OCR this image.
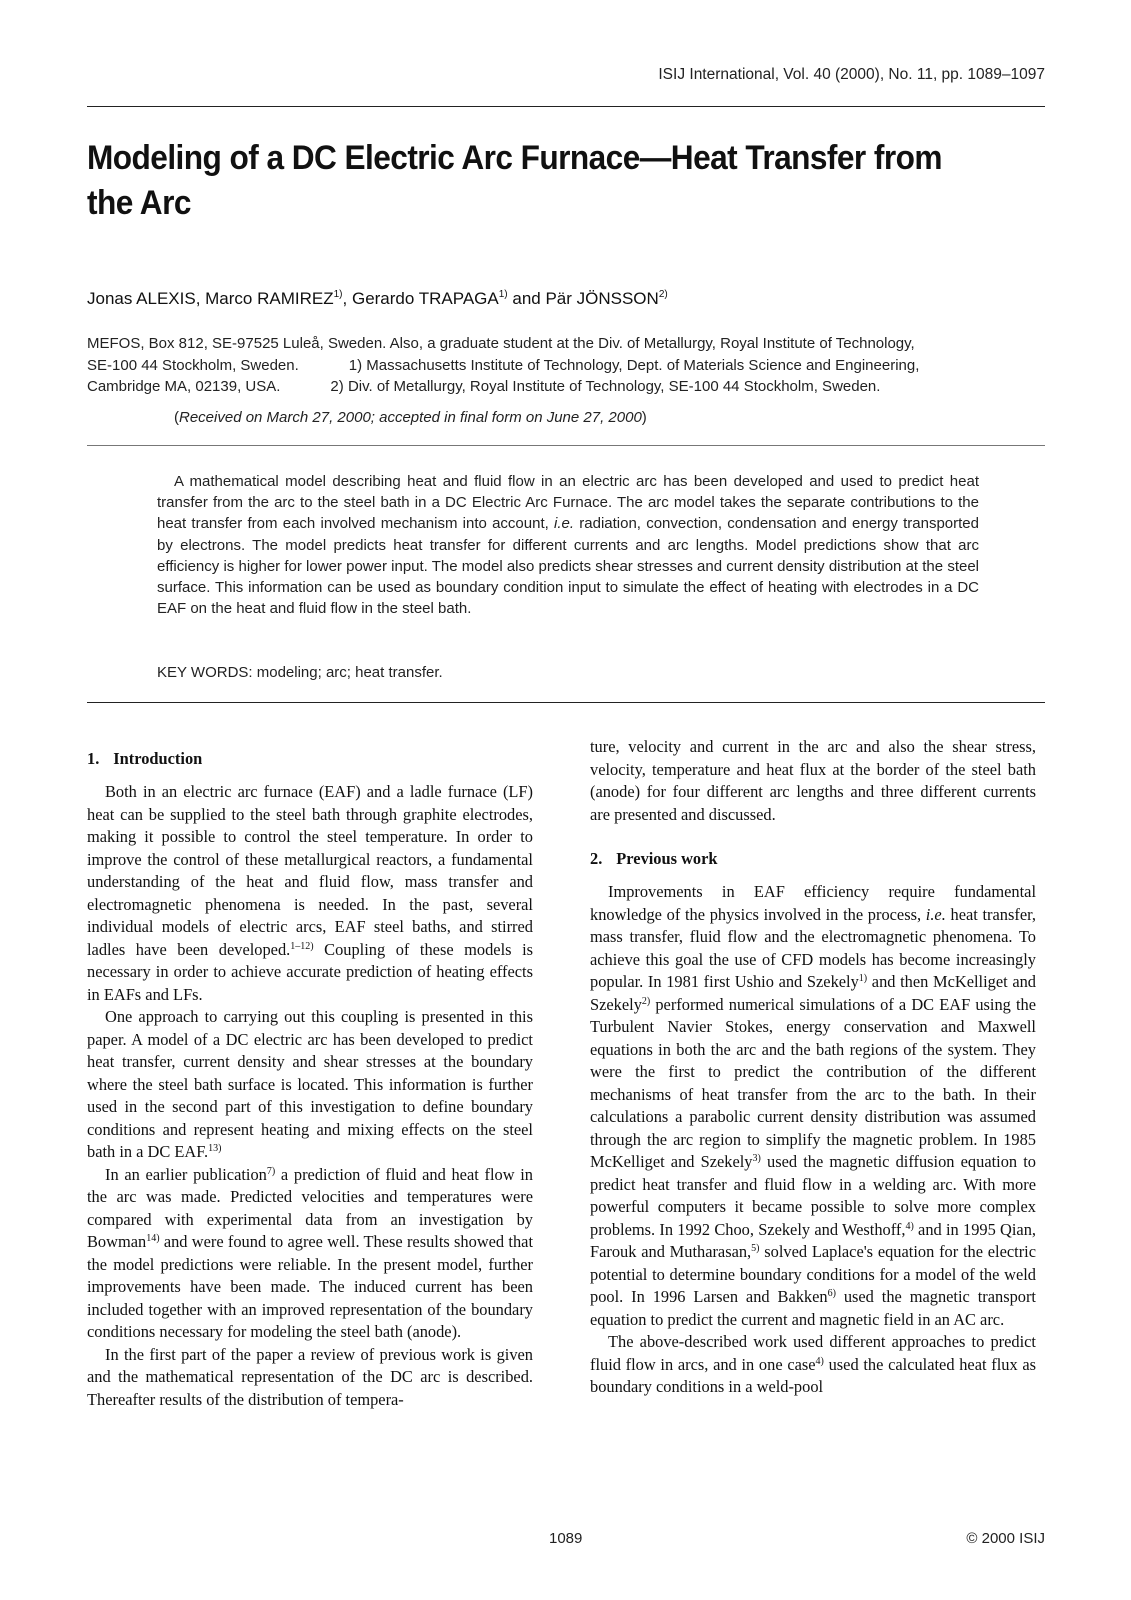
ISIJ International, Vol. 40 (2000), No. 11, pp. 1089–1097
Modeling of a DC Electric Arc Furnace—Heat Transfer from the Arc
Jonas ALEXIS, Marco RAMIREZ$^{1)}$, Gerardo TRAPAGA$^{1)}$ and Pär JÖNSSON$^{2)}$
MEFOS, Box 812, SE-97525 Luleå, Sweden. Also, a graduate student at the Div. of Metallurgy, Royal Institute of Technology,
SE-100 44 Stockholm, Sweden.            1) Massachusetts Institute of Technology, Dept. of Materials Science and Engineering,
Cambridge MA, 02139, USA.            2) Div. of Metallurgy, Royal Institute of Technology, SE-100 44 Stockholm, Sweden.
(Received on March 27, 2000; accepted in final form on June 27, 2000)

A mathematical model describing heat and fluid flow in an electric arc has been developed and used to predict heat transfer from the arc to the steel bath in a DC Electric Arc Furnace. The arc model takes the separate contributions to the heat transfer from each involved mechanism into account, i.e. radiation, convection, condensation and energy transported by electrons. The model predicts heat transfer for different currents and arc lengths. Model predictions show that arc efficiency is higher for lower power input. The model also predicts shear stresses and current density distribution at the steel surface. This information can be used as boundary condition input to simulate the effect of heating with electrodes in a DC EAF on the heat and fluid flow in the steel bath.

KEY WORDS: modeling; arc; heat transfer.
1. Introduction

Both in an electric arc furnace (EAF) and a ladle furnace (LF) heat can be supplied to the steel bath through graphite electrodes, making it possible to control the steel temperature. In order to improve the control of these metallurgical reactors, a fundamental understanding of the heat and fluid flow, mass transfer and electromagnetic phenomena is needed. In the past, several individual models of electric arcs, EAF steel baths, and stirred ladles have been developed.$^{1-12)}$ Coupling of these models is necessary in order to achieve accurate prediction of heating effects in EAFs and LFs.

One approach to carrying out this coupling is presented in this paper. A model of a DC electric arc has been developed to predict heat transfer, current density and shear stresses at the boundary where the steel bath surface is located. This information is further used in the second part of this investigation to define boundary conditions and represent heating and mixing effects on the steel bath in a DC EAF.$^{13)}$

In an earlier publication$^{7)}$ a prediction of fluid and heat flow in the arc was made. Predicted velocities and temperatures were compared with experimental data from an investigation by Bowman$^{14)}$ and were found to agree well. These results showed that the model predictions were reliable. In the present model, further improvements have been made. The induced current has been included together with an improved representation of the boundary conditions necessary for modeling the steel bath (anode).

In the first part of the paper a review of previous work is given and the mathematical representation of the DC arc is described. Thereafter results of the distribution of tempera-

ture, velocity and current in the arc and also the shear stress, velocity, temperature and heat flux at the border of the steel bath (anode) for four different arc lengths and three different currents are presented and discussed.

2. Previous work

Improvements in EAF efficiency require fundamental knowledge of the physics involved in the process, i.e. heat transfer, mass transfer, fluid flow and the electromagnetic phenomena. To achieve this goal the use of CFD models has become increasingly popular. In 1981 first Ushio and Szekely$^{1)}$ and then McKelliget and Szekely$^{2)}$ performed numerical simulations of a DC EAF using the Turbulent Navier Stokes, energy conservation and Maxwell equations in both the arc and the bath regions of the system. They were the first to predict the contribution of the different mechanisms of heat transfer from the arc to the bath. In their calculations a parabolic current density distribution was assumed through the arc region to simplify the magnetic problem. In 1985 McKelliget and Szekely$^{3)}$ used the magnetic diffusion equation to predict heat transfer and fluid flow in a welding arc. With more powerful computers it became possible to solve more complex problems. In 1992 Choo, Szekely and Westhoff,$^{4)}$ and in 1995 Qian, Farouk and Mutharasan,$^{5)}$ solved Laplace's equation for the electric potential to determine boundary conditions for a model of the weld pool. In 1996 Larsen and Bakken$^{6)}$ used the magnetic transport equation to predict the current and magnetic field in an AC arc.

The above-described work used different approaches to predict fluid flow in arcs, and in one case$^{4)}$ used the calculated heat flux as boundary conditions in a weld-pool

1089	© 2000 ISIJ
